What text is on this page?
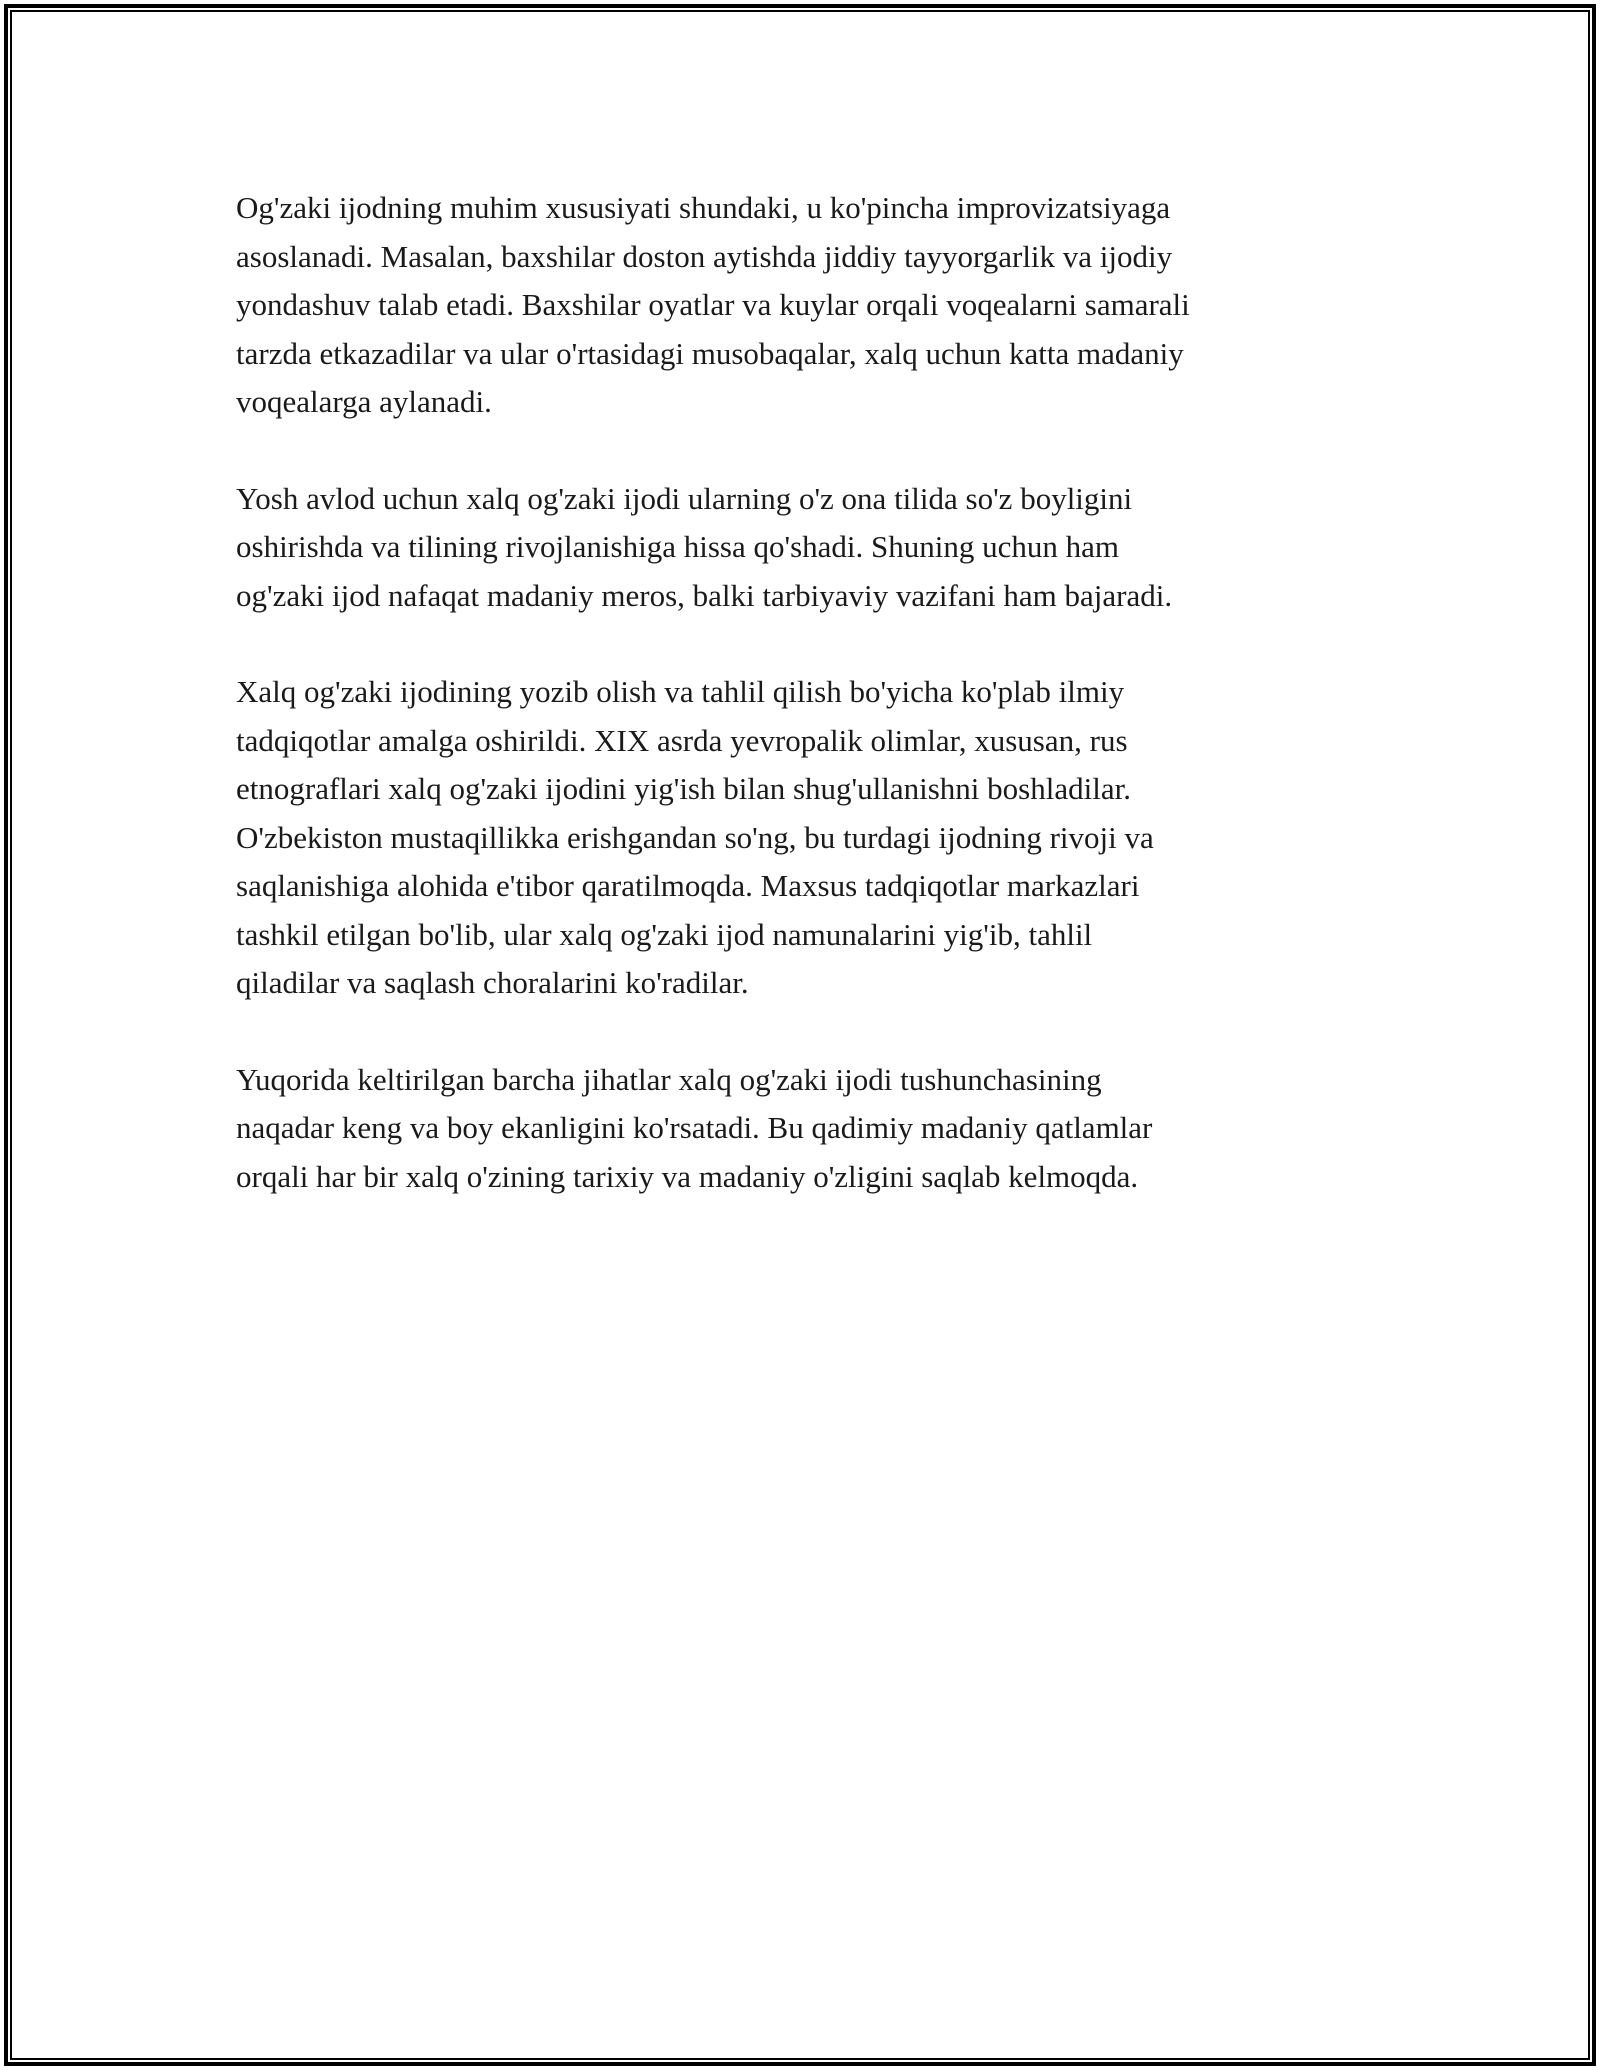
Og'zaki ijodning muhim xususiyati shundaki, u ko'pincha improvizatsiyaga
asoslanadi. Masalan, baxshilar doston aytishda jiddiy tayyorgarlik va ijodiy
yondashuv talab etadi. Baxshilar oyatlar va kuylar orqali voqealarni samarali
tarzda etkazadilar va ular o'rtasidagi musobaqalar, xalq uchun katta madaniy
voqealarga aylanadi.

Yosh avlod uchun xalq og'zaki ijodi ularning o'z ona tilida so'z boyligini
oshirishda va tilining rivojlanishiga hissa qo'shadi. Shuning uchun ham
og'zaki ijod nafaqat madaniy meros, balki tarbiyaviy vazifani ham bajaradi.

Xalq og'zaki ijodining yozib olish va tahlil qilish bo'yicha ko'plab ilmiy
tadqiqotlar amalga oshirildi. XIX asrda yevropalik olimlar, xususan, rus
etnograflari xalq og'zaki ijodini yig'ish bilan shug'ullanishni boshladilar.
O'zbekiston mustaqillikka erishgandan so'ng, bu turdagi ijodning rivoji va
saqlanishiga alohida e'tibor qaratilmoqda. Maxsus tadqiqotlar markazlari
tashkil etilgan bo'lib, ular xalq og'zaki ijod namunalarini yig'ib, tahlil
qiladilar va saqlash choralarini ko'radilar.

Yuqorida keltirilgan barcha jihatlar xalq og'zaki ijodi tushunchasining
naqadar keng va boy ekanligini ko'rsatadi. Bu qadimiy madaniy qatlamlar
orqali har bir xalq o'zining tarixiy va madaniy o'zligini saqlab kelmoqda.
